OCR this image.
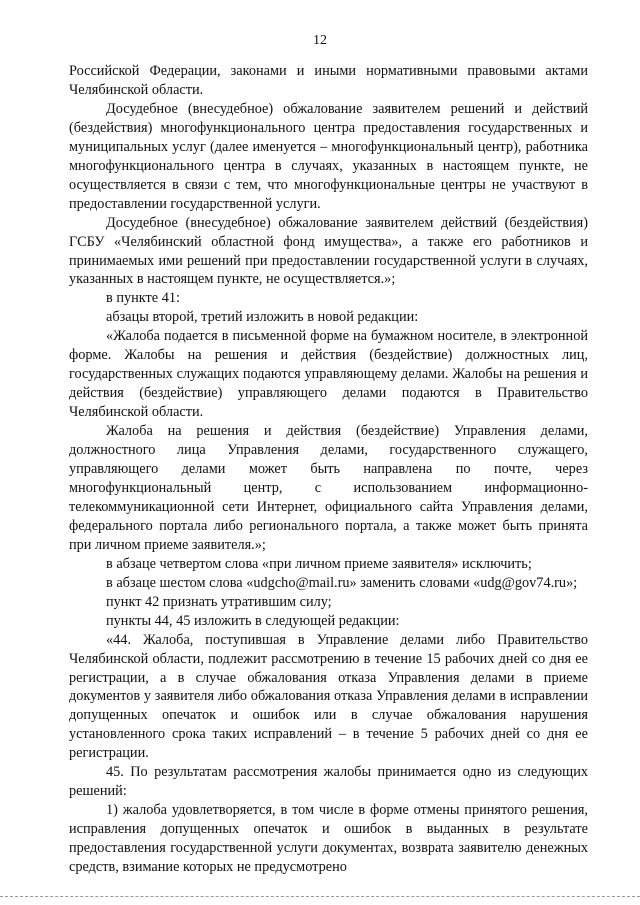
12

Российской Федерации, законами и иными нормативными правовыми актами Челябинской области.

Досудебное (внесудебное) обжалование заявителем решений и действий (бездействия) многофункционального центра предоставления государственных и муниципальных услуг (далее именуется – многофункциональный центр), работника многофункционального центра в случаях, указанных в настоящем пункте, не осуществляется в связи с тем, что многофункциональные центры не участвуют в предоставлении государственной услуги.

Досудебное (внесудебное) обжалование заявителем действий (бездействия) ГСБУ «Челябинский областной фонд имущества», а также его работников и принимаемых ими решений при предоставлении государственной услуги в случаях, указанных в настоящем пункте, не осуществляется.»;

в пункте 41:

абзацы второй, третий изложить в новой редакции:

«Жалоба подается в письменной форме на бумажном носителе, в электронной форме. Жалобы на решения и действия (бездействие) должностных лиц, государственных служащих подаются управляющему делами. Жалобы на решения и действия (бездействие) управляющего делами подаются в Правительство Челябинской области.

Жалоба на решения и действия (бездействие) Управления делами, должностного лица Управления делами, государственного служащего, управляющего делами может быть направлена по почте, через многофункциональный центр, с использованием информационно-телекоммуникационной сети Интернет, официального сайта Управления делами, федерального портала либо регионального портала, а также может быть принята при личном приеме заявителя.»;

в абзаце четвертом слова «при личном приеме заявителя» исключить;

в абзаце шестом слова «udgcho@mail.ru» заменить словами «udg@gov74.ru»;

пункт 42 признать утратившим силу;

пункты 44, 45 изложить в следующей редакции:

«44. Жалоба, поступившая в Управление делами либо Правительство Челябинской области, подлежит рассмотрению в течение 15 рабочих дней со дня ее регистрации, а в случае обжалования отказа Управления делами в приеме документов у заявителя либо обжалования отказа Управления делами в исправлении допущенных опечаток и ошибок или в случае обжалования нарушения установленного срока таких исправлений – в течение 5 рабочих дней со дня ее регистрации.

45. По результатам рассмотрения жалобы принимается одно из следующих решений:

1) жалоба удовлетворяется, в том числе в форме отмены принятого решения, исправления допущенных опечаток и ошибок в выданных в результате предоставления государственной услуги документах, возврата заявителю денежных средств, взимание которых не предусмотрено
